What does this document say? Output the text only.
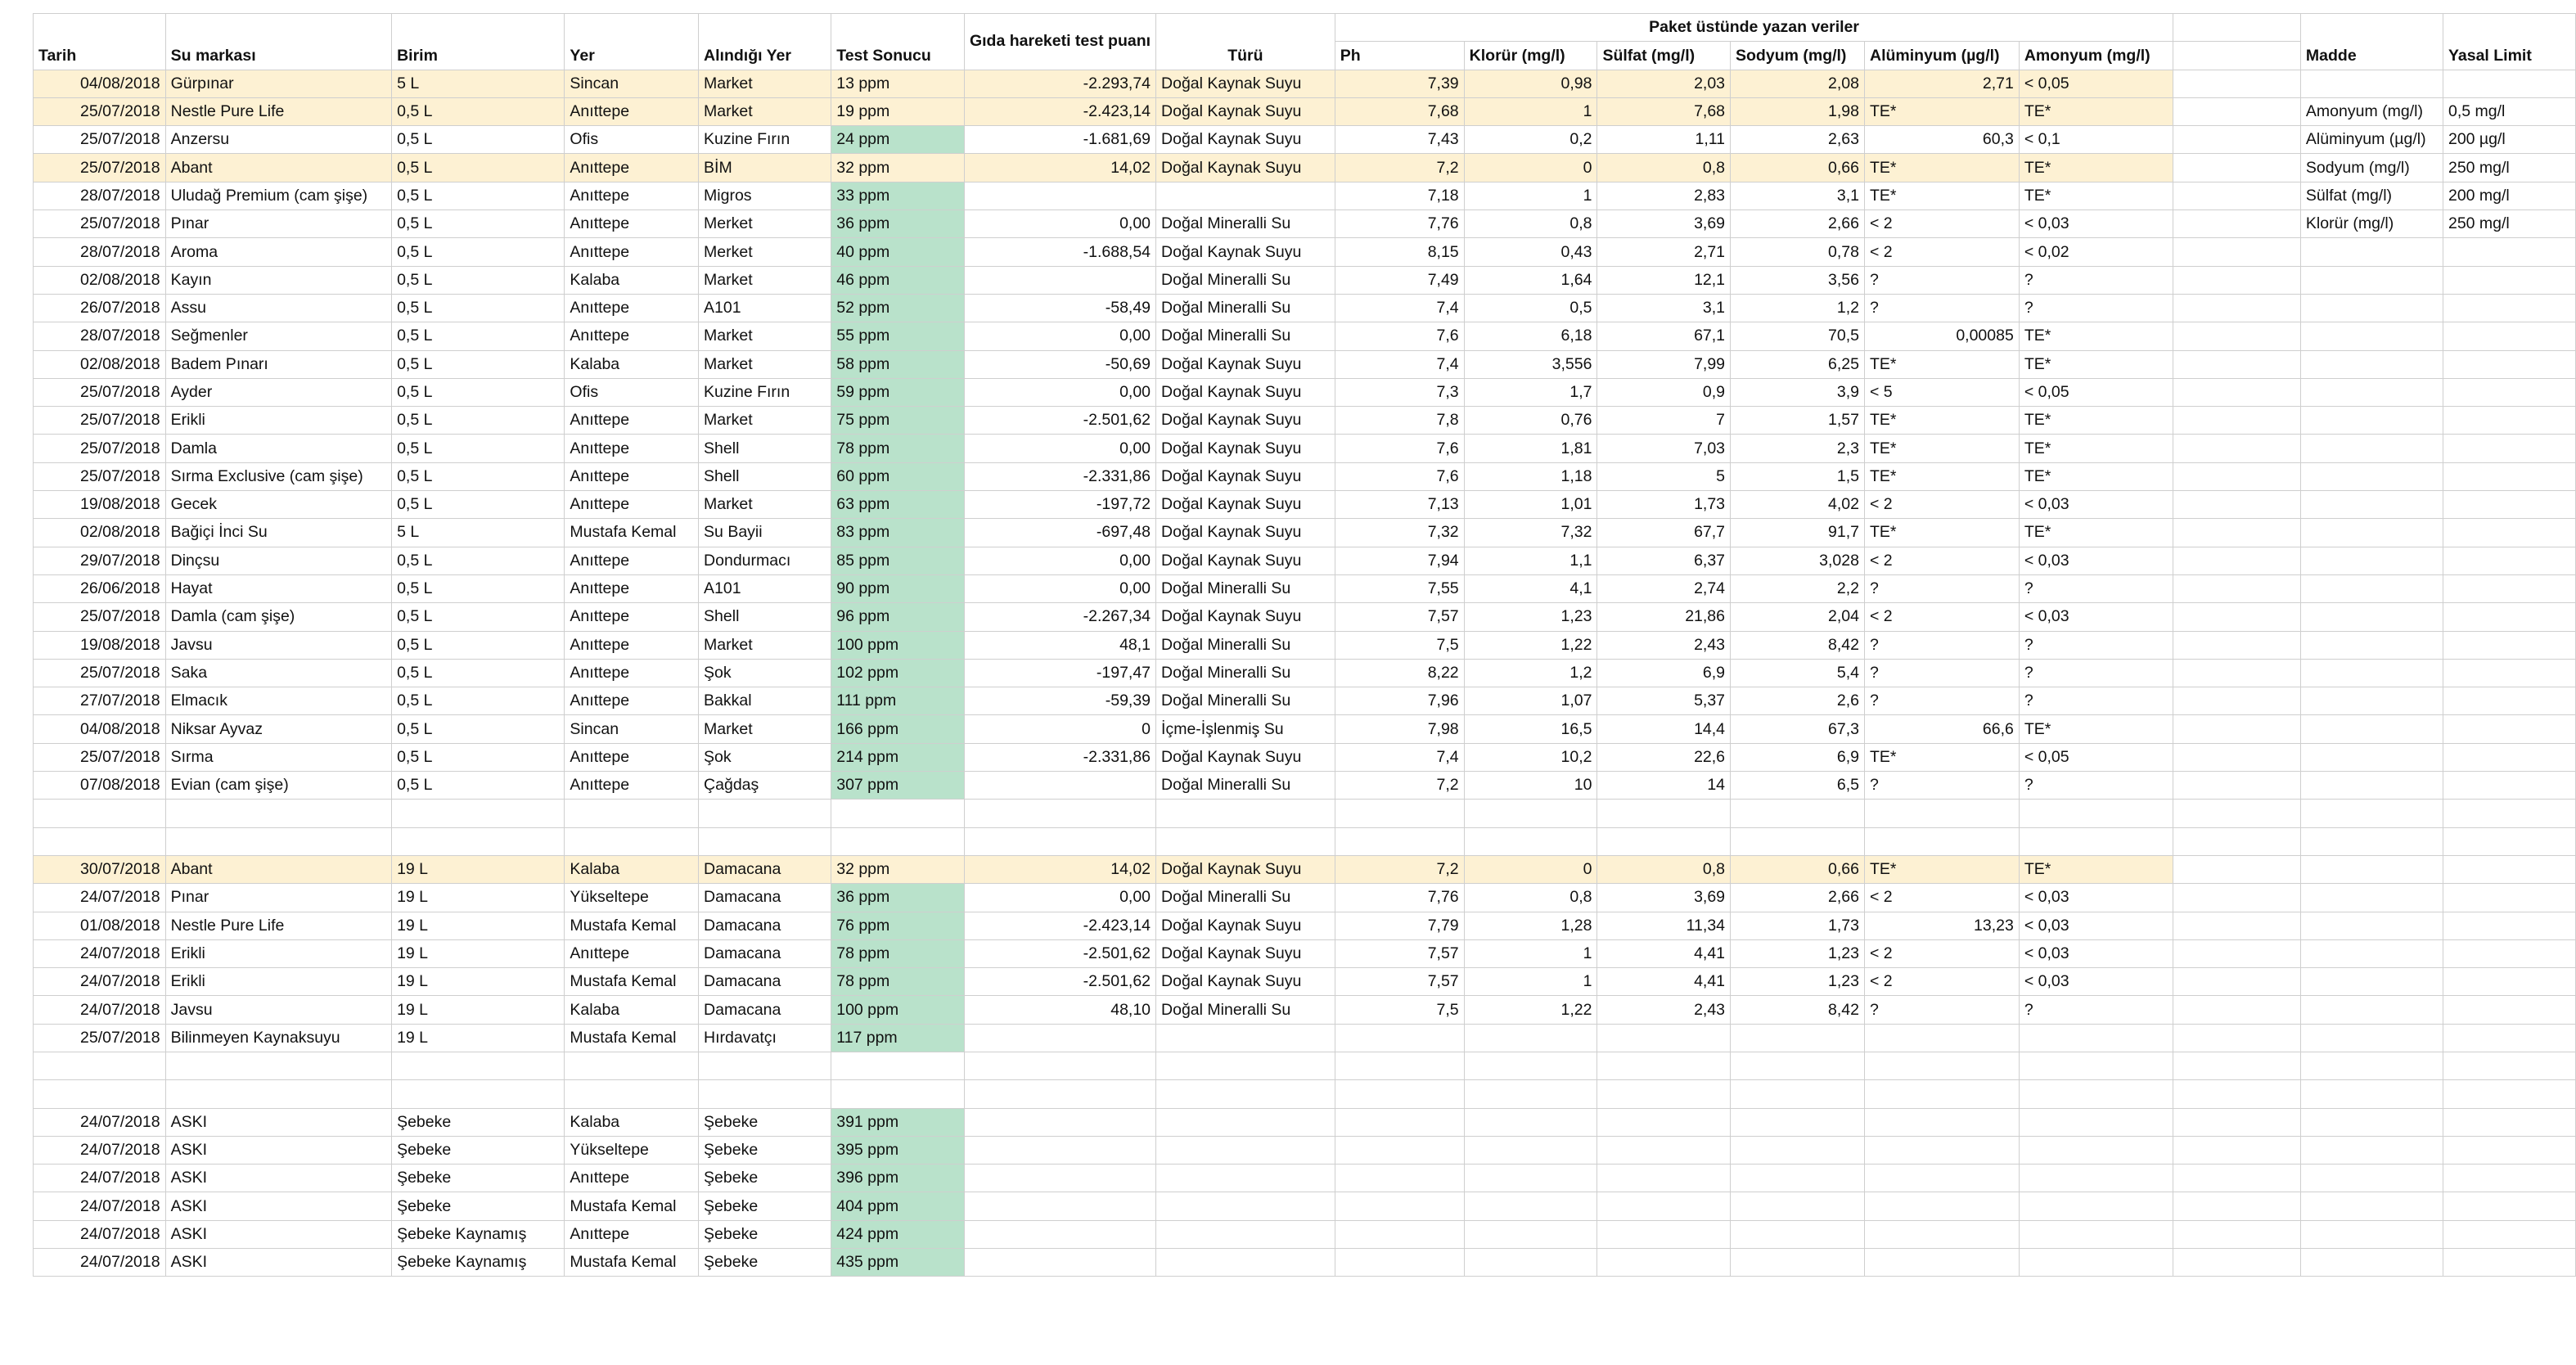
Tarih	Su markası	Birim	Yer	Alındığı Yer	Test Sonucu	Gıda hareketi test puanı	Türü	Paket üstünde yazan veriler							Madde	Yasal Limit
								Ph	Klorür (mg/l)	Sülfat (mg/l)	Sodyum (mg/l)	Alüminyum (µg/l)	Amonyum (mg/l)			
04/08/2018	Gürpınar	5 L	Sincan	Market	13 ppm	-2.293,74	Doğal Kaynak Suyu	7,39	0,98	2,03	2,08	2,71	< 0,05			
25/07/2018	Nestle Pure Life	0,5 L	Anıttepe	Market	19 ppm	-2.423,14	Doğal Kaynak Suyu	7,68	1	7,68	1,98	TE*	TE*		Amonyum (mg/l)	0,5 mg/l
25/07/2018	Anzersu	0,5 L	Ofis	Kuzine Fırın	24 ppm	-1.681,69	Doğal Kaynak Suyu	7,43	0,2	1,11	2,63	60,3	< 0,1		Alüminyum (µg/l)	200 µg/l
25/07/2018	Abant	0,5 L	Anıttepe	BİM	32 ppm	14,02	Doğal Kaynak Suyu	7,2	0	0,8	0,66	TE*	TE*		Sodyum (mg/l)	250 mg/l
28/07/2018	Uludağ Premium (cam şişe)	0,5 L	Anıttepe	Migros	33 ppm			7,18	1	2,83	3,1	TE*	TE*		Sülfat (mg/l)	200 mg/l
25/07/2018	Pınar	0,5 L	Anıttepe	Merket	36 ppm	0,00	Doğal Mineralli Su	7,76	0,8	3,69	2,66	< 2	< 0,03		Klorür (mg/l)	250 mg/l
28/07/2018	Aroma	0,5 L	Anıttepe	Merket	40 ppm	-1.688,54	Doğal Kaynak Suyu	8,15	0,43	2,71	0,78	< 2	< 0,02			
02/08/2018	Kayın	0,5 L	Kalaba	Market	46 ppm		Doğal Mineralli Su	7,49	1,64	12,1	3,56	?	?			
26/07/2018	Assu	0,5 L	Anıttepe	A101	52 ppm	-58,49	Doğal Mineralli Su	7,4	0,5	3,1	1,2	?	?			
28/07/2018	Seğmenler	0,5 L	Anıttepe	Market	55 ppm	0,00	Doğal Mineralli Su	7,6	6,18	67,1	70,5	0,00085	TE*			
02/08/2018	Badem Pınarı	0,5 L	Kalaba	Market	58 ppm	-50,69	Doğal Kaynak Suyu	7,4	3,556	7,99	6,25	TE*	TE*			
25/07/2018	Ayder	0,5 L	Ofis	Kuzine Fırın	59 ppm	0,00	Doğal Kaynak Suyu	7,3	1,7	0,9	3,9	< 5	< 0,05			
25/07/2018	Erikli	0,5 L	Anıttepe	Market	75 ppm	-2.501,62	Doğal Kaynak Suyu	7,8	0,76	7	1,57	TE*	TE*			
25/07/2018	Damla	0,5 L	Anıttepe	Shell	78 ppm	0,00	Doğal Kaynak Suyu	7,6	1,81	7,03	2,3	TE*	TE*			
25/07/2018	Sırma Exclusive (cam şişe)	0,5 L	Anıttepe	Shell	60 ppm	-2.331,86	Doğal Kaynak Suyu	7,6	1,18	5	1,5	TE*	TE*			
19/08/2018	Gecek	0,5 L	Anıttepe	Market	63 ppm	-197,72	Doğal Kaynak Suyu	7,13	1,01	1,73	4,02	< 2	< 0,03			
02/08/2018	Bağiçi İnci Su	5 L	Mustafa Kemal	Su Bayii	83 ppm	-697,48	Doğal Kaynak Suyu	7,32	7,32	67,7	91,7	TE*	TE*			
29/07/2018	Dinçsu	0,5 L	Anıttepe	Dondurmacı	85 ppm	0,00	Doğal Kaynak Suyu	7,94	1,1	6,37	3,028	< 2	< 0,03			
26/06/2018	Hayat	0,5 L	Anıttepe	A101	90 ppm	0,00	Doğal Mineralli Su	7,55	4,1	2,74	2,2	?	?			
25/07/2018	Damla (cam şişe)	0,5 L	Anıttepe	Shell	96 ppm	-2.267,34	Doğal Kaynak Suyu	7,57	1,23	21,86	2,04	< 2	< 0,03			
19/08/2018	Javsu	0,5 L	Anıttepe	Market	100 ppm	48,1	Doğal Mineralli Su	7,5	1,22	2,43	8,42	?	?			
25/07/2018	Saka	0,5 L	Anıttepe	Şok	102 ppm	-197,47	Doğal Mineralli Su	8,22	1,2	6,9	5,4	?	?			
27/07/2018	Elmacık	0,5 L	Anıttepe	Bakkal	111 ppm	-59,39	Doğal Mineralli Su	7,96	1,07	5,37	2,6	?	?			
04/08/2018	Niksar Ayvaz	0,5 L	Sincan	Market	166 ppm	0	İçme-İşlenmiş Su	7,98	16,5	14,4	67,3	66,6	TE*			
25/07/2018	Sırma	0,5 L	Anıttepe	Şok	214 ppm	-2.331,86	Doğal Kaynak Suyu	7,4	10,2	22,6	6,9	TE*	< 0,05			
07/08/2018	Evian (cam şişe)	0,5 L	Anıttepe	Çağdaş	307 ppm		Doğal Mineralli Su	7,2	10	14	6,5	?	?			

30/07/2018	Abant	19 L	Kalaba	Damacana	32 ppm	14,02	Doğal Kaynak Suyu	7,2	0	0,8	0,66	TE*	TE*			
24/07/2018	Pınar	19 L	Yükseltepe	Damacana	36 ppm	0,00	Doğal Mineralli Su	7,76	0,8	3,69	2,66	< 2	< 0,03			
01/08/2018	Nestle Pure Life	19 L	Mustafa Kemal	Damacana	76 ppm	-2.423,14	Doğal Kaynak Suyu	7,79	1,28	11,34	1,73	13,23	< 0,03			
24/07/2018	Erikli	19 L	Anıttepe	Damacana	78 ppm	-2.501,62	Doğal Kaynak Suyu	7,57	1	4,41	1,23	< 2	< 0,03			
24/07/2018	Erikli	19 L	Mustafa Kemal	Damacana	78 ppm	-2.501,62	Doğal Kaynak Suyu	7,57	1	4,41	1,23	< 2	< 0,03			
24/07/2018	Javsu	19 L	Kalaba	Damacana	100 ppm	48,10	Doğal Mineralli Su	7,5	1,22	2,43	8,42	?	?			
25/07/2018	Bilinmeyen Kaynaksuyu	19 L	Mustafa Kemal	Hırdavatçı	117 ppm											

24/07/2018	ASKI	Şebeke	Kalaba	Şebeke	391 ppm											
24/07/2018	ASKI	Şebeke	Yükseltepe	Şebeke	395 ppm											
24/07/2018	ASKI	Şebeke	Anıttepe	Şebeke	396 ppm											
24/07/2018	ASKI	Şebeke	Mustafa Kemal	Şebeke	404 ppm											
24/07/2018	ASKI	Şebeke Kaynamış	Anıttepe	Şebeke	424 ppm											
24/07/2018	ASKI	Şebeke Kaynamış	Mustafa Kemal	Şebeke	435 ppm											
